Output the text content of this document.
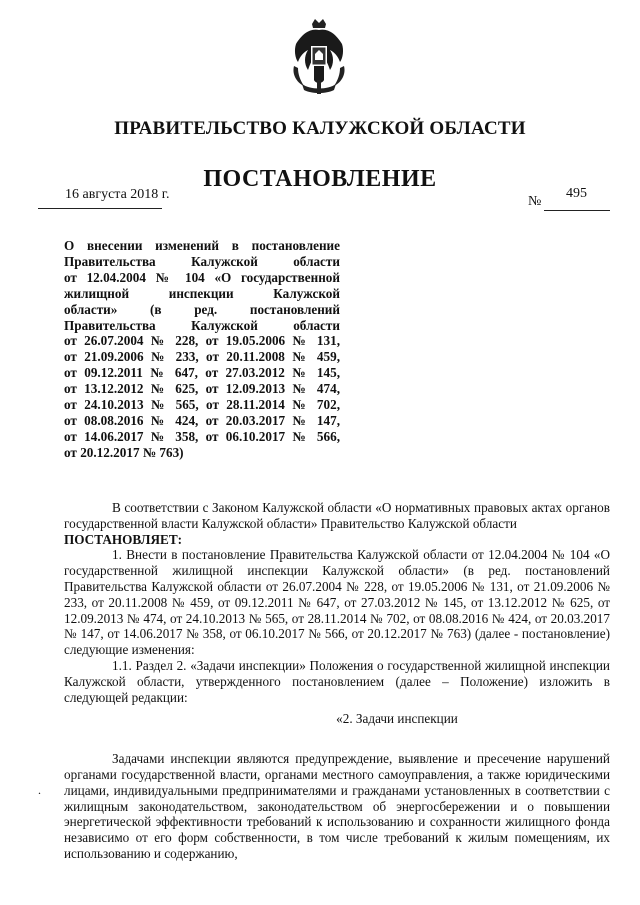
ПРАВИТЕЛЬСТВО КАЛУЖСКОЙ ОБЛАСТИ
ПОСТАНОВЛЕНИЕ
16 августа 2018 г.	№
495
О внесении изменений в постановление
Правительства Калужской области
от 12.04.2004 № 104 «О государственной
жилищной инспекции Калужской
области» (в ред. постановлений
Правительства Калужской области
от 26.07.2004 № 228, от 19.05.2006 № 131,
от 21.09.2006 № 233, от 20.11.2008 № 459,
от 09.12.2011 № 647, от 27.03.2012 № 145,
от 13.12.2012 № 625, от 12.09.2013 № 474,
от 24.10.2013 № 565, от 28.11.2014 № 702,
от 08.08.2016 № 424, от 20.03.2017 № 147,
от 14.06.2017 № 358, от 06.10.2017 № 566,
от 20.12.2017 № 763)

В соответствии с Законом Калужской области «О нормативных правовых актах органов государственной власти Калужской области» Правительство Калужской области

ПОСТАНОВЛЯЕТ:

1. Внести в постановление Правительства Калужской области от 12.04.2004 № 104 «О государственной жилищной инспекции Калужской области» (в ред. постановлений Правительства Калужской области от 26.07.2004 № 228, от 19.05.2006 № 131, от 21.09.2006 № 233, от 20.11.2008 № 459, от 09.12.2011 № 647, от 27.03.2012 № 145, от 13.12.2012 № 625, от 12.09.2013 № 474, от 24.10.2013 № 565, от 28.11.2014 № 702, от 08.08.2016 № 424, от 20.03.2017 № 147, от 14.06.2017 № 358, от 06.10.2017 № 566, от 20.12.2017 № 763) (далее - постановление) следующие изменения:

1.1. Раздел 2. «Задачи инспекции» Положения о государственной жилищной инспекции Калужской области, утвержденного постановлением (далее – Положение) изложить в следующей редакции:

«2. Задачи инспекции

Задачами инспекции являются предупреждение, выявление и пресечение нарушений органами государственной власти, органами местного самоуправления, а также юридическими лицами, индивидуальными предпринимателями и гражданами установленных в соответствии с жилищным законодательством, законодательством об энергосбережении и о повышении энергетической эффективности требований к использованию и сохранности жилищного фонда независимо от его форм собственности, в том числе требований к жилым помещениям, их использованию и содержанию,

.
